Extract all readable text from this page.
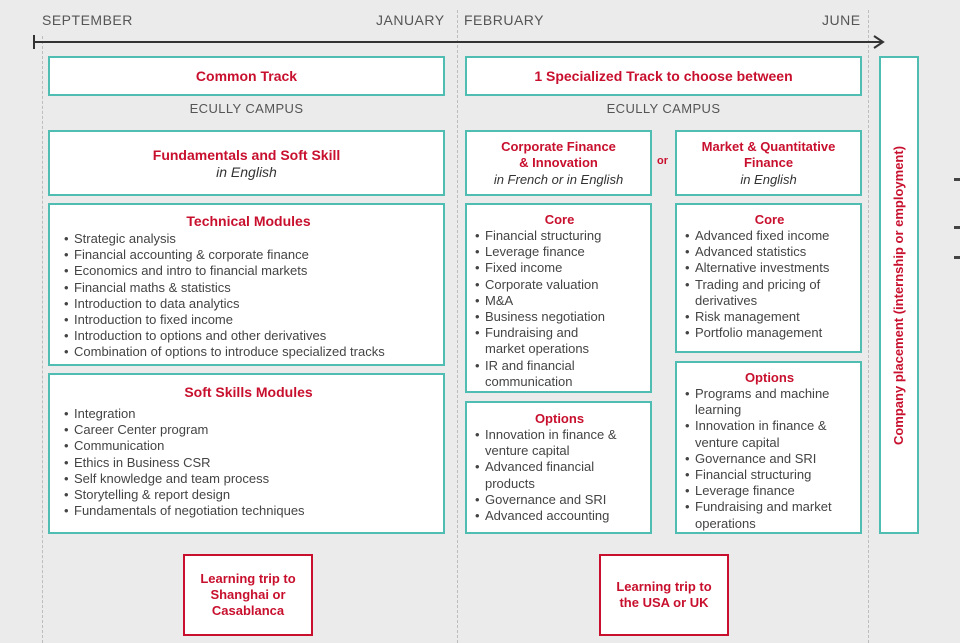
SEPTEMBER	JANUARY FEBRUARY	JUNE
Common Track
ECULLY CAMPUS
Fundamentals and Soft Skill
in English
Technical Modules
• Strategic analysis
• Financial accounting & corporate finance
• Economics and intro to financial markets
• Financial maths & statistics
• Introduction to data analytics
• Introduction to fixed income
• Introduction to options and other derivatives
• Combination of options to introduce specialized tracks
Soft Skills Modules
• Integration
• Career Center program
• Communication
• Ethics in Business CSR
• Self knowledge and team process
• Storytelling & report design
• Fundamentals of negotiation techniques
Learning trip to Shanghai or Casablanca
1 Specialized Track to choose between
ECULLY CAMPUS
Corporate Finance & Innovation
in French or in English
or
Market & Quantitative Finance
in English
Core
• Financial structuring
• Leverage finance
• Fixed income
• Corporate valuation
• M&A
• Business negotiation
• Fundraising and market operations
• IR and financial communication
Core
• Advanced fixed income
• Advanced statistics
• Alternative investments
• Trading and pricing of derivatives
• Risk management
• Portfolio management
Options
• Innovation in finance & venture capital
• Advanced financial products
• Governance and SRI
• Advanced accounting
Options
• Programs and machine learning
• Innovation in finance & venture capital
• Governance and SRI
• Financial structuring
• Leverage finance
• Fundraising and market operations
Learning trip to the USA or UK
Company placement (internship or employment)
